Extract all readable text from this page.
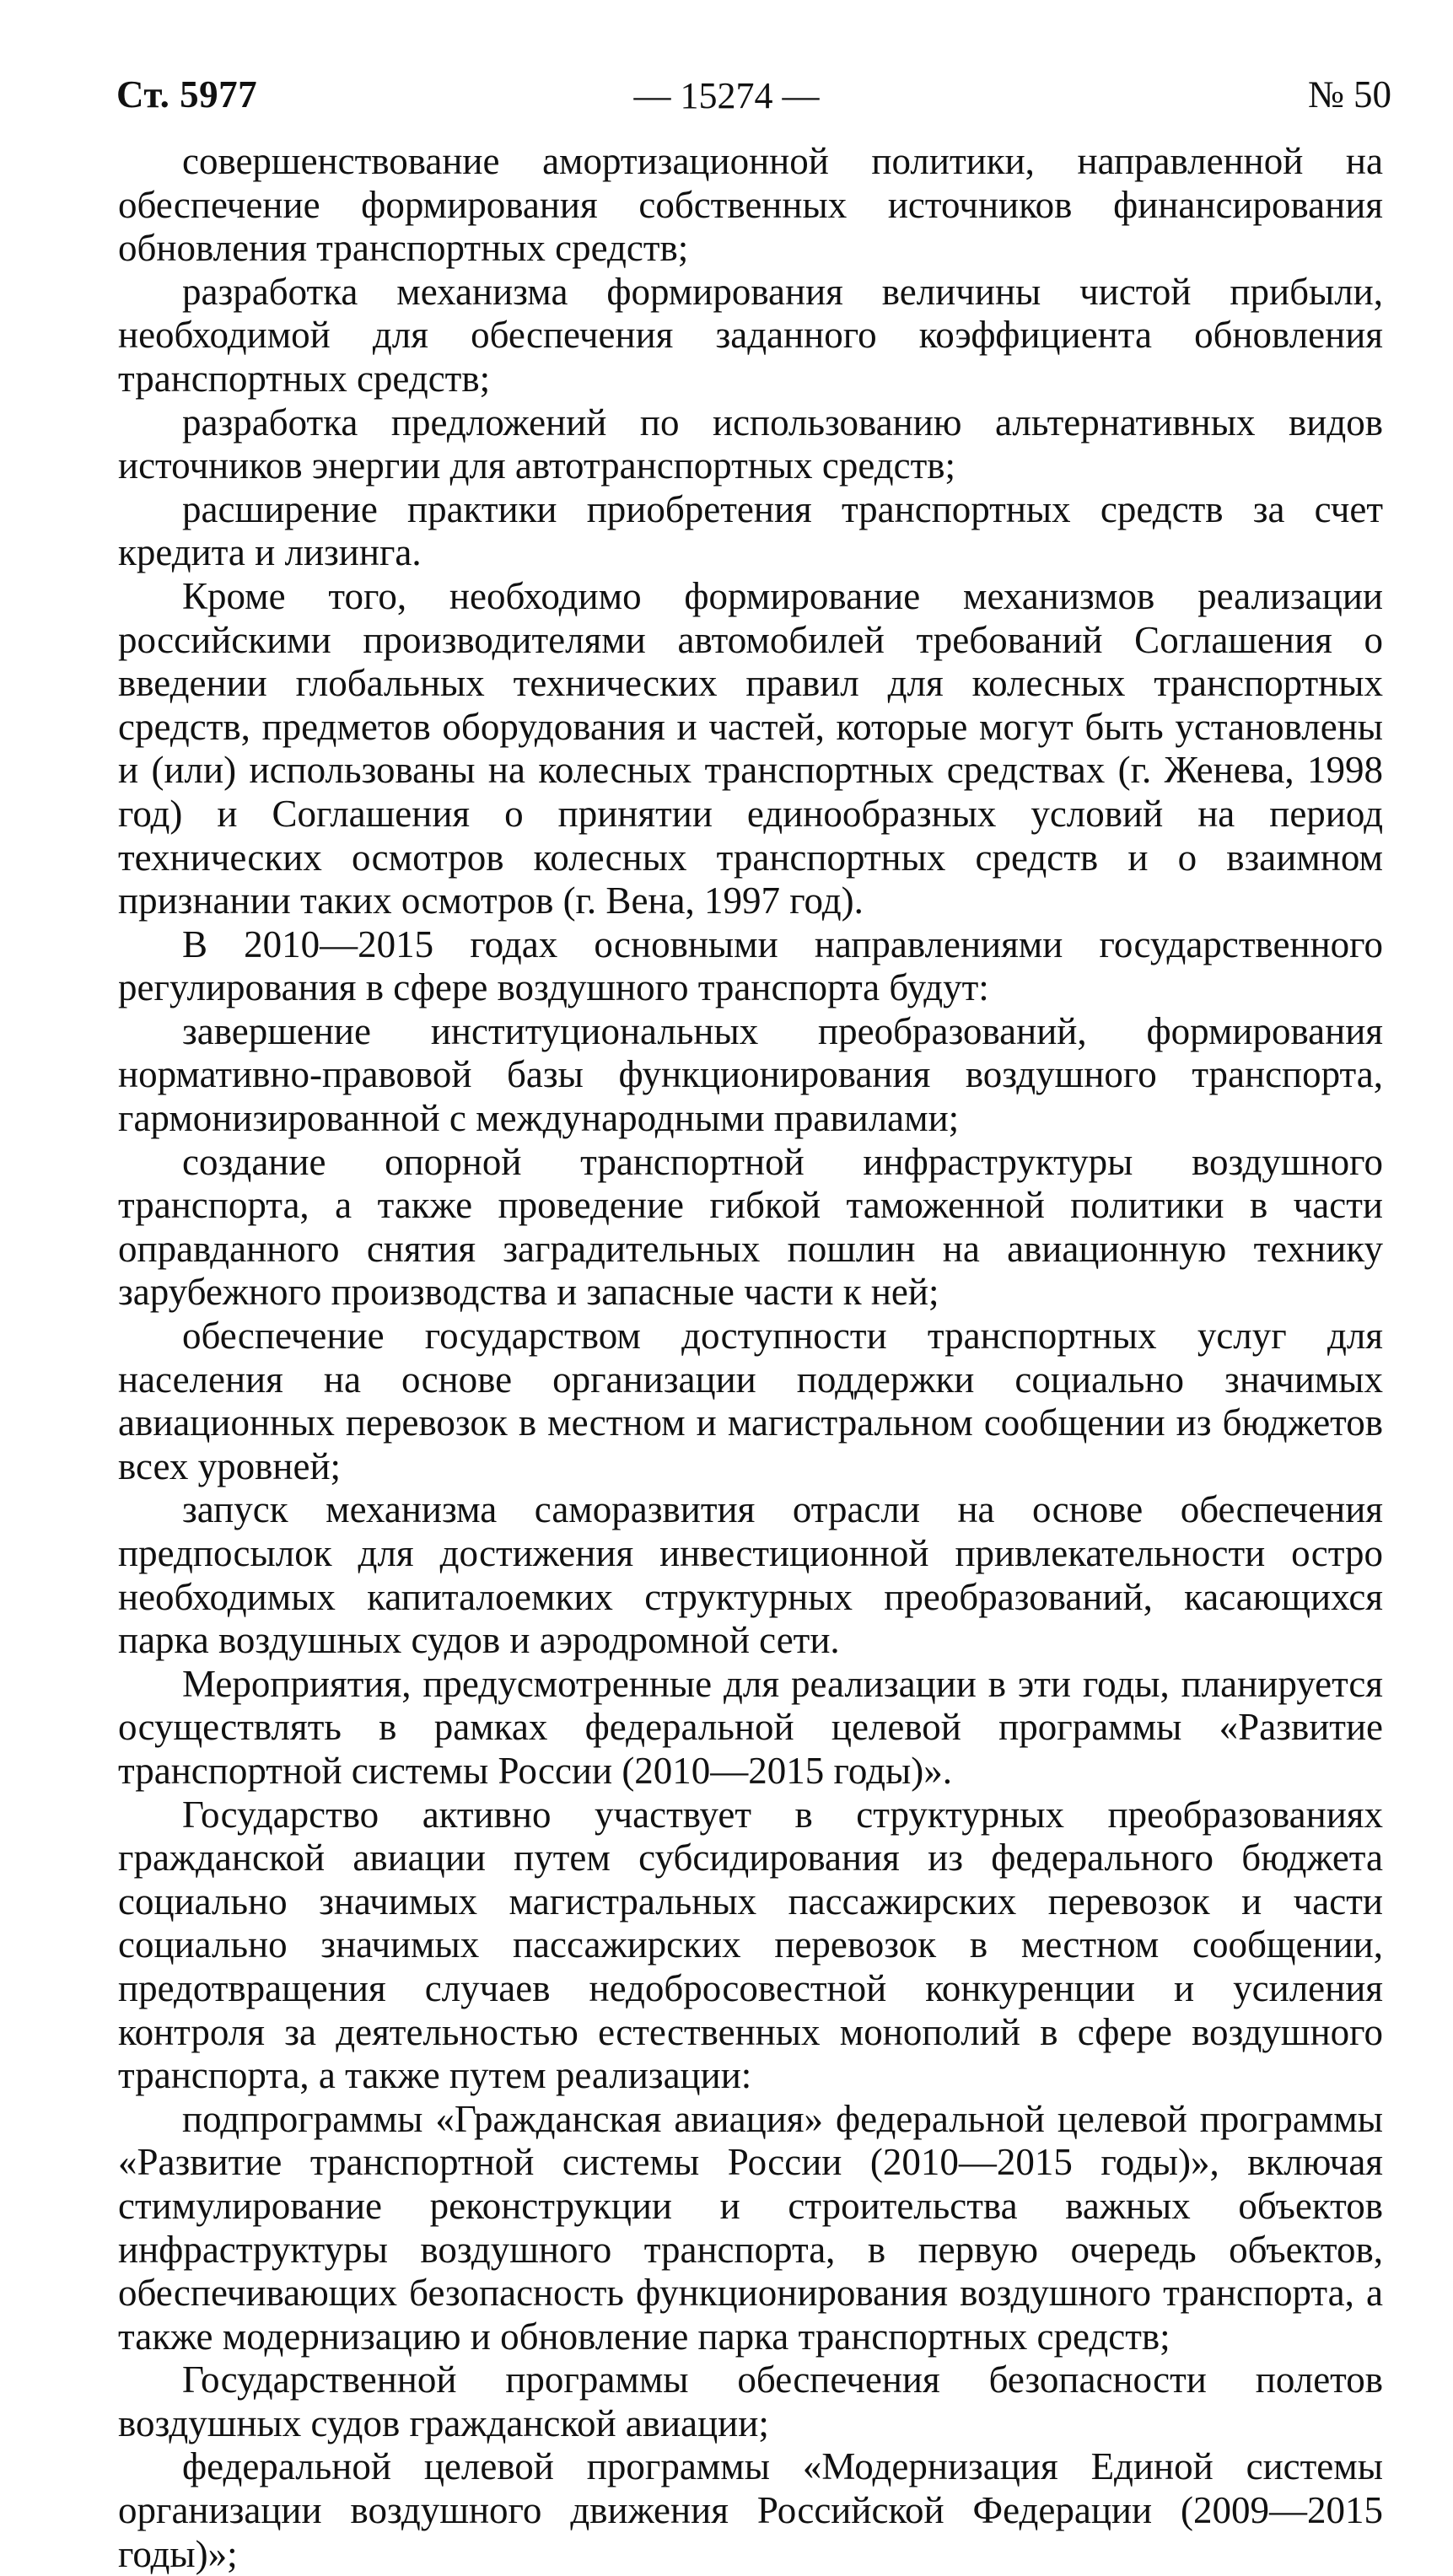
Ст. 5977	— 15274 —	№ 50

совершенствование амортизационной политики, направленной на обеспечение формирования собственных источников финансирования обновления транспортных средств;

разработка механизма формирования величины чистой прибыли, необходимой для обеспечения заданного коэффициента обновления транспортных средств;

разработка предложений по использованию альтернативных видов источников энергии для автотранспортных средств;

расширение практики приобретения транспортных средств за счет кредита и лизинга.

Кроме того, необходимо формирование механизмов реализации российскими производителями автомобилей требований Соглашения о введении глобальных технических правил для колесных транспортных средств, предметов оборудования и частей, которые могут быть установлены и (или) использованы на колесных транспортных средствах (г. Женева, 1998 год) и Соглашения о принятии единообразных условий на период технических осмотров колесных транспортных средств и о взаимном признании таких осмотров (г. Вена, 1997 год).

В 2010—2015 годах основными направлениями государственного регулирования в сфере воздушного транспорта будут:

завершение институциональных преобразований, формирования нормативно-правовой базы функционирования воздушного транспорта, гармонизированной с международными правилами;

создание опорной транспортной инфраструктуры воздушного транспорта, а также проведение гибкой таможенной политики в части оправданного снятия заградительных пошлин на авиационную технику зарубежного производства и запасные части к ней;

обеспечение государством доступности транспортных услуг для населения на основе организации поддержки социально значимых авиационных перевозок в местном и магистральном сообщении из бюджетов всех уровней;

запуск механизма саморазвития отрасли на основе обеспечения предпосылок для достижения инвестиционной привлекательности остро необходимых капиталоемких структурных преобразований, касающихся парка воздушных судов и аэродромной сети.

Мероприятия, предусмотренные для реализации в эти годы, планируется осуществлять в рамках федеральной целевой программы «Развитие транспортной системы России (2010—2015 годы)».

Государство активно участвует в структурных преобразованиях гражданской авиации путем субсидирования из федерального бюджета социально значимых магистральных пассажирских перевозок и части социально значимых пассажирских перевозок в местном сообщении, предотвращения случаев недобросовестной конкуренции и усиления контроля за деятельностью естественных монополий в сфере воздушного транспорта, а также путем реализации:

подпрограммы «Гражданская авиация» федеральной целевой программы «Развитие транспортной системы России (2010—2015 годы)», включая стимулирование реконструкции и строительства важных объектов инфраструктуры воздушного транспорта, в первую очередь объектов, обеспечивающих безопасность функционирования воздушного транспорта, а также модернизацию и обновление парка транспортных средств;

Государственной программы обеспечения безопасности полетов воздушных судов гражданской авиации;

федеральной целевой программы «Модернизация Единой системы организации воздушного движения Российской Федерации (2009—2015 годы)»;
